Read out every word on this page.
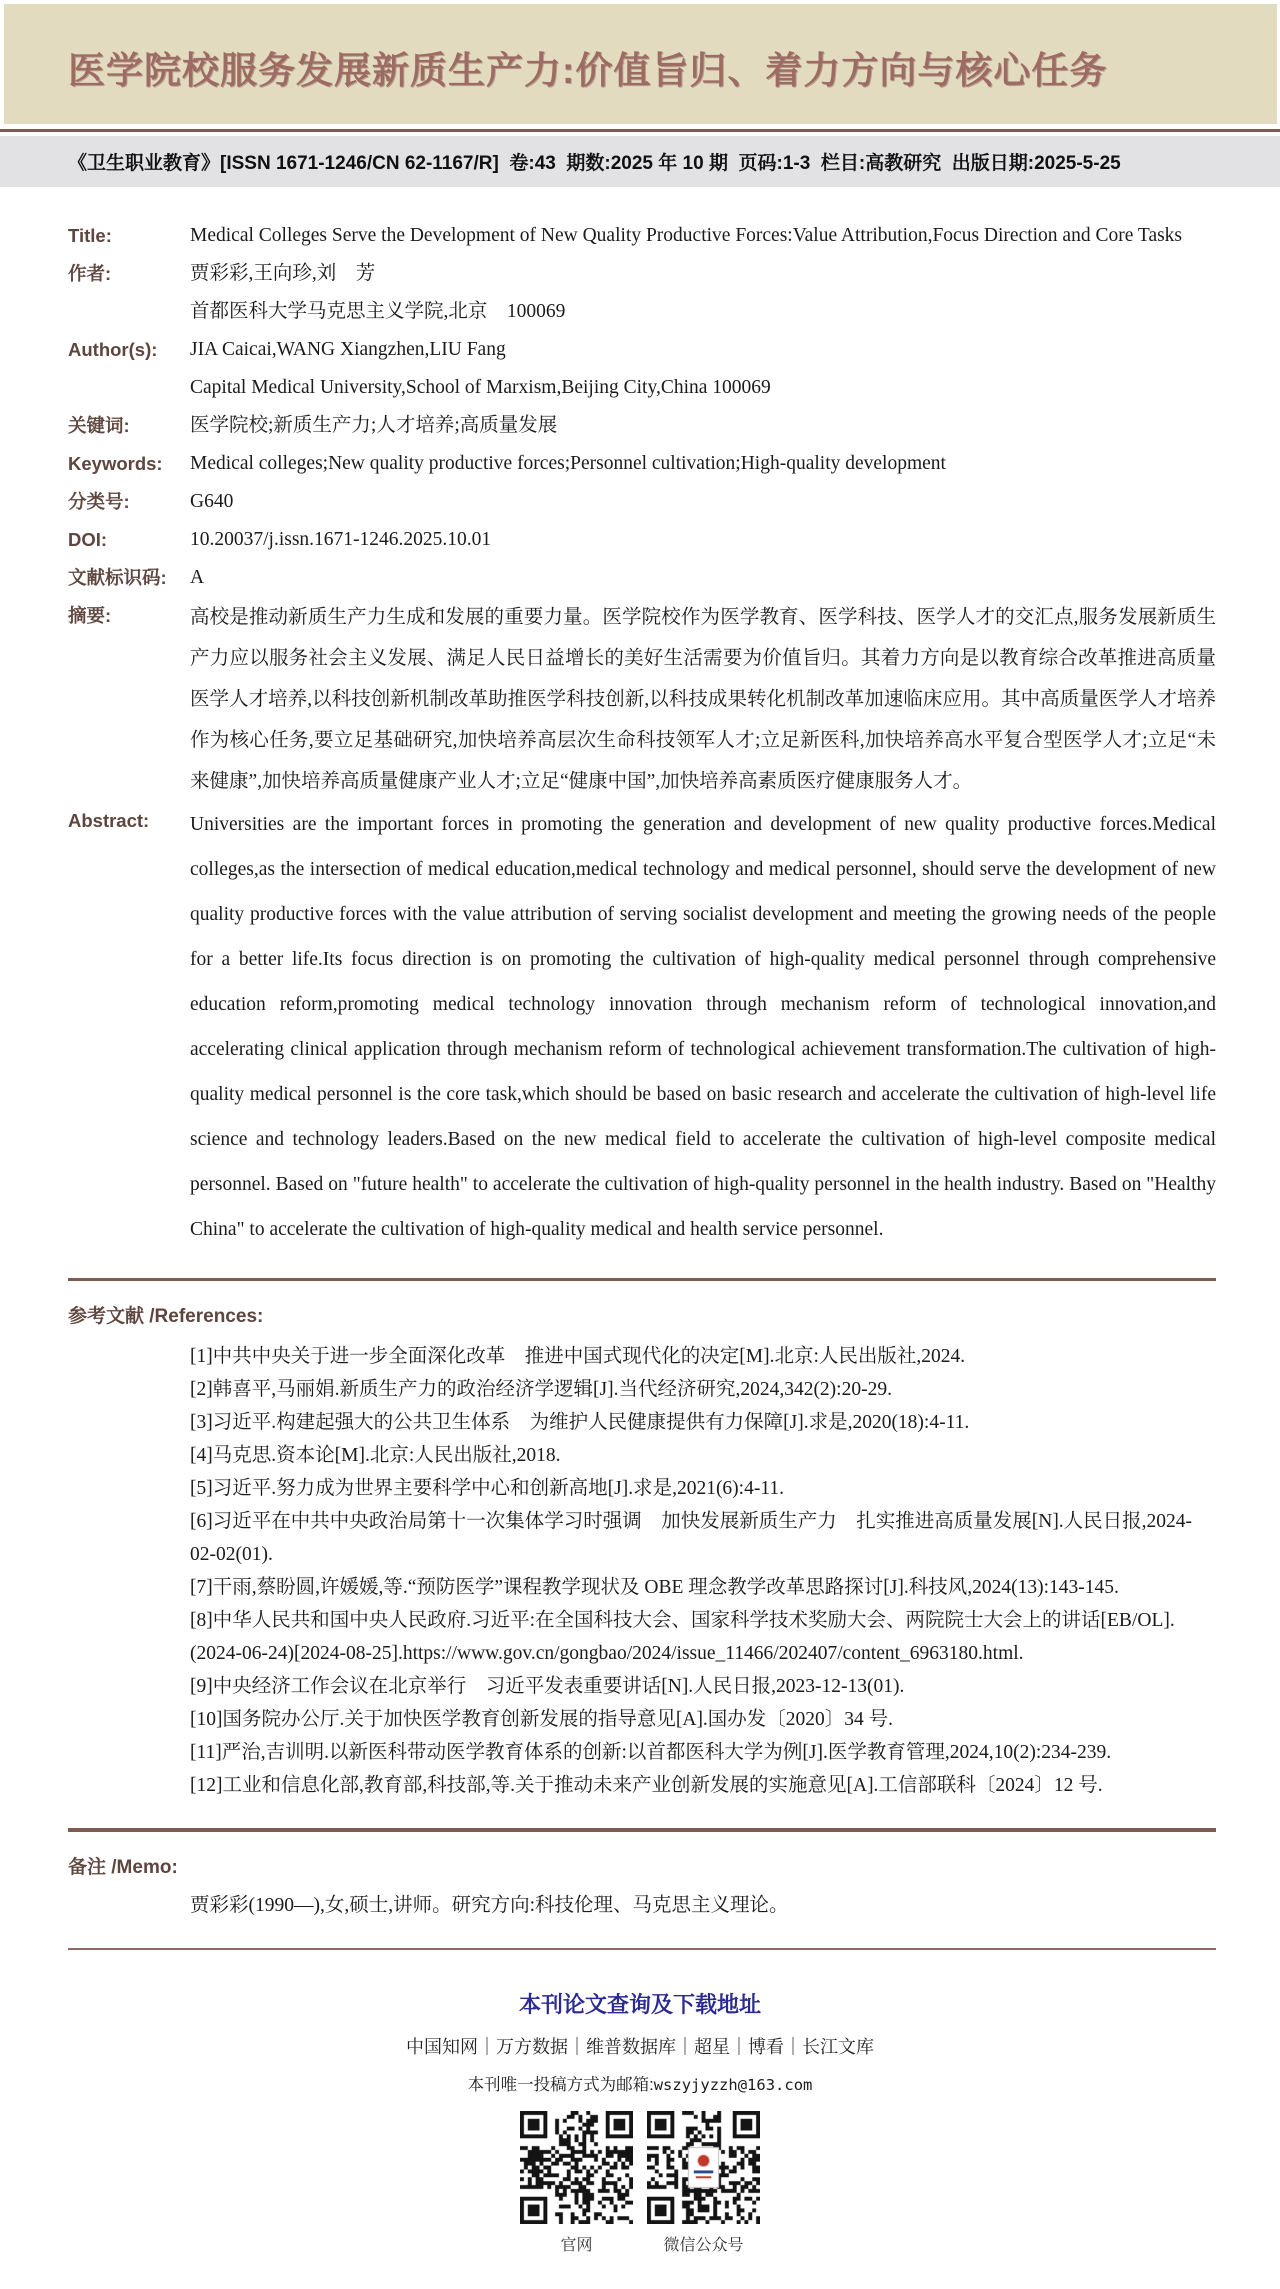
医学院校服务发展新质生产力:价值旨归、着力方向与核心任务
《卫生职业教育》[ISSN 1671-1246/CN 62-1167/R]  卷:43  期数:2025 年 10 期  页码:1-3  栏目:高教研究  出版日期:2025-5-25
Title:	Medical Colleges Serve the Development of New Quality Productive Forces:Value Attribution,Focus Direction and Core Tasks
作者:	贾彩彩,王向珍,刘　芳
首都医科大学马克思主义学院,北京　100069
Author(s):	JIA Caicai,WANG Xiangzhen,LIU Fang
Capital Medical University,School of Marxism,Beijing City,China 100069
关键词:	医学院校;新质生产力;人才培养;高质量发展
Keywords:	Medical colleges;New quality productive forces;Personnel cultivation;High-quality development
分类号:	G640
DOI:	10.20037/j.issn.1671-1246.2025.10.01
文献标识码:	A
摘要:	高校是推动新质生产力生成和发展的重要力量。医学院校作为医学教育、医学科技、医学人才的交汇点,服务发展新质生产力应以服务社会主义发展、满足人民日益增长的美好生活需要为价值旨归。其着力方向是以教育综合改革推进高质量医学人才培养,以科技创新机制改革助推医学科技创新,以科技成果转化机制改革加速临床应用。其中高质量医学人才培养作为核心任务,要立足基础研究,加快培养高层次生命科技领军人才;立足新医科,加快培养高水平复合型医学人才;立足“未来健康”,加快培养高质量健康产业人才;立足“健康中国”,加快培养高素质医疗健康服务人才。
Abstract:	Universities are the important forces in promoting the generation and development of new quality productive forces.Medical colleges,as the intersection of medical education,medical technology and medical personnel, should serve the development of new quality productive forces with the value attribution of serving socialist development and meeting the growing needs of the people for a better life.Its focus direction is on promoting the cultivation of high-quality medical personnel through comprehensive education reform,promoting medical technology innovation through mechanism reform of technological innovation,and accelerating clinical application through mechanism reform of technological achievement transformation.The cultivation of high-quality medical personnel is the core task,which should be based on basic research and accelerate the cultivation of high-level life science and technology leaders.Based on the new medical field to accelerate the cultivation of high-level composite medical personnel. Based on "future health" to accelerate the cultivation of high-quality personnel in the health industry. Based on "Healthy China" to accelerate the cultivation of high-quality medical and health service personnel.
参考文献 /References:
[1]中共中央关于进一步全面深化改革　推进中国式现代化的决定[M].北京:人民出版社,2024.
[2]韩喜平,马丽娟.新质生产力的政治经济学逻辑[J].当代经济研究,2024,342(2):20-29.
[3]习近平.构建起强大的公共卫生体系　为维护人民健康提供有力保障[J].求是,2020(18):4-11.
[4]马克思.资本论[M].北京:人民出版社,2018.
[5]习近平.努力成为世界主要科学中心和创新高地[J].求是,2021(6):4-11.
[6]习近平在中共中央政治局第十一次集体学习时强调　加快发展新质生产力　扎实推进高质量发展[N].人民日报,2024-02-02(01).
[7]干雨,蔡盼圆,许媛媛,等.“预防医学”课程教学现状及 OBE 理念教学改革思路探讨[J].科技风,2024(13):143-145.
[8]中华人民共和国中央人民政府.习近平:在全国科技大会、国家科学技术奖励大会、两院院士大会上的讲话[EB/OL].(2024-06-24)[2024-08-25].https://www.gov.cn/gongbao/2024/issue_11466/202407/content_6963180.html.
[9]中央经济工作会议在北京举行　习近平发表重要讲话[N].人民日报,2023-12-13(01).
[10]国务院办公厅.关于加快医学教育创新发展的指导意见[A].国办发〔2020〕34 号.
[11]严治,吉训明.以新医科带动医学教育体系的创新:以首都医科大学为例[J].医学教育管理,2024,10(2):234-239.
[12]工业和信息化部,教育部,科技部,等.关于推动未来产业创新发展的实施意见[A].工信部联科〔2024〕12 号.
备注 /Memo:
贾彩彩(1990—),女,硕士,讲师。研究方向:科技伦理、马克思主义理论。
本刊论文查询及下载地址
中国知网｜万方数据｜维普数据库｜超星｜博看｜长江文库
本刊唯一投稿方式为邮箱:wszyjyzzh@163.com
官网	微信公众号
